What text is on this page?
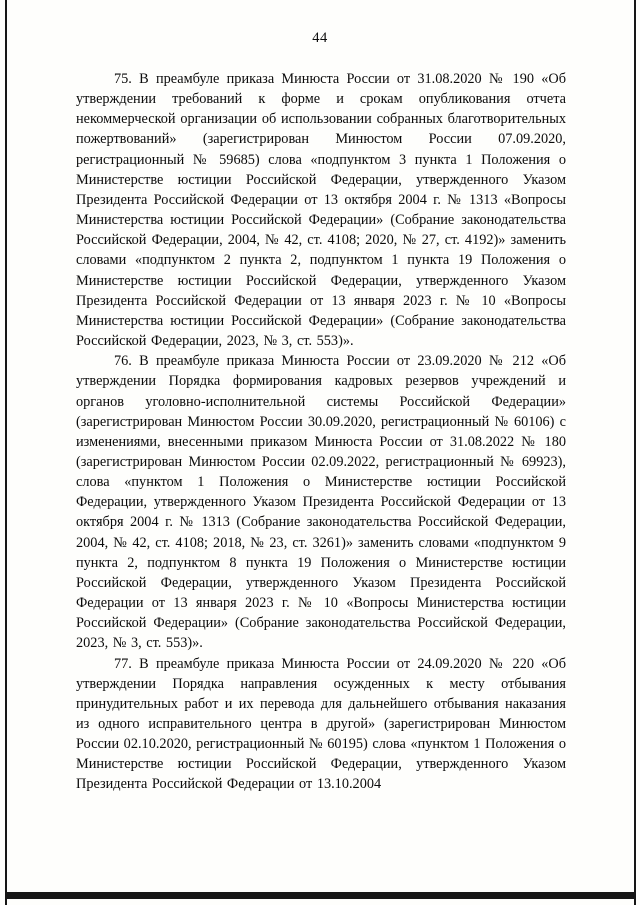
44

75. В преамбуле приказа Минюста России от 31.08.2020 № 190 «Об утверждении требований к форме и срокам опубликования отчета некоммерческой организации об использовании собранных благотворительных пожертвований» (зарегистрирован Минюстом России 07.09.2020, регистрационный № 59685) слова «подпунктом 3 пункта 1 Положения о Министерстве юстиции Российской Федерации, утвержденного Указом Президента Российской Федерации от 13 октября 2004 г. № 1313 «Вопросы Министерства юстиции Российской Федерации» (Собрание законодательства Российской Федерации, 2004, № 42, ст. 4108; 2020, № 27, ст. 4192)» заменить словами «подпунктом 2 пункта 2, подпунктом 1 пункта 19 Положения о Министерстве юстиции Российской Федерации, утвержденного Указом Президента Российской Федерации от 13 января 2023 г. № 10 «Вопросы Министерства юстиции Российской Федерации» (Собрание законодательства Российской Федерации, 2023, № 3, ст. 553)».

76. В преамбуле приказа Минюста России от 23.09.2020 № 212 «Об утверждении Порядка формирования кадровых резервов учреждений и органов уголовно-исполнительной системы Российской Федерации» (зарегистрирован Минюстом России 30.09.2020, регистрационный № 60106) с изменениями, внесенными приказом Минюста России от 31.08.2022 № 180 (зарегистрирован Минюстом России 02.09.2022, регистрационный № 69923), слова «пунктом 1 Положения о Министерстве юстиции Российской Федерации, утвержденного Указом Президента Российской Федерации от 13 октября 2004 г. № 1313 (Собрание законодательства Российской Федерации, 2004, № 42, ст. 4108; 2018, № 23, ст. 3261)» заменить словами «подпунктом 9 пункта 2, подпунктом 8 пункта 19 Положения о Министерстве юстиции Российской Федерации, утвержденного Указом Президента Российской Федерации от 13 января 2023 г. № 10 «Вопросы Министерства юстиции Российской Федерации» (Собрание законодательства Российской Федерации, 2023, № 3, ст. 553)».

77. В преамбуле приказа Минюста России от 24.09.2020 № 220 «Об утверждении Порядка направления осужденных к месту отбывания принудительных работ и их перевода для дальнейшего отбывания наказания из одного исправительного центра в другой» (зарегистрирован Минюстом России 02.10.2020, регистрационный № 60195) слова «пунктом 1 Положения о Министерстве юстиции Российской Федерации, утвержденного Указом Президента Российской Федерации от 13.10.2004
